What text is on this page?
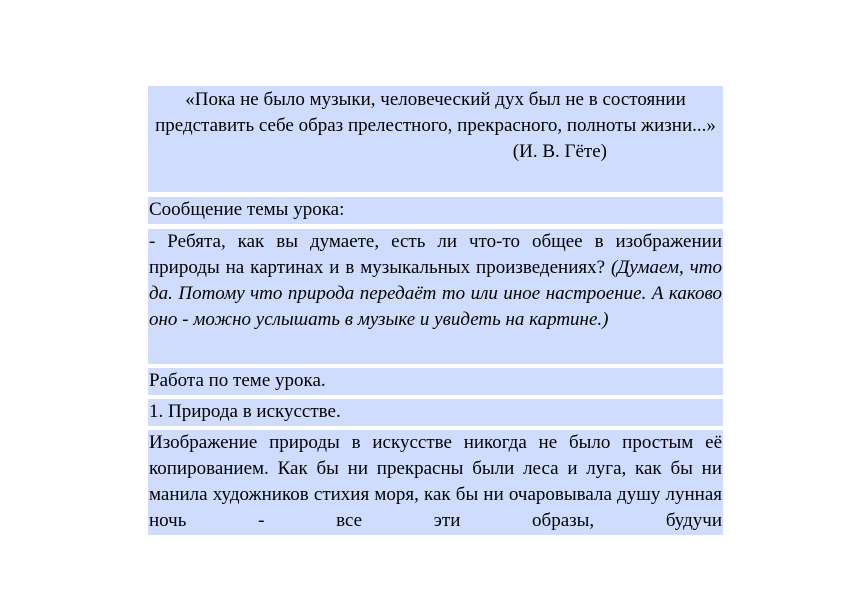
«Пока не было музыки, человеческий дух был не в состоянии представить себе образ прелестного, прекрасного, полноты жизни...»
(И. В. Гёте)
Сообщение темы урока:
- Ребята, как вы думаете, есть ли что-то общее в изображении природы на картинах и в музыкальных произведениях? (Думаем, что да. Потому что природа передаёт то или иное настроение. А каково оно - можно услышать в музыке и увидеть на картине.)
Работа по теме урока.
1. Природа в искусстве.
Изображение природы в искусстве никогда не было простым её копированием. Как бы ни прекрасны были леса и луга, как бы ни манила художников стихия моря, как бы ни очаровывала душу лунная ночь - все эти образы, будучи
